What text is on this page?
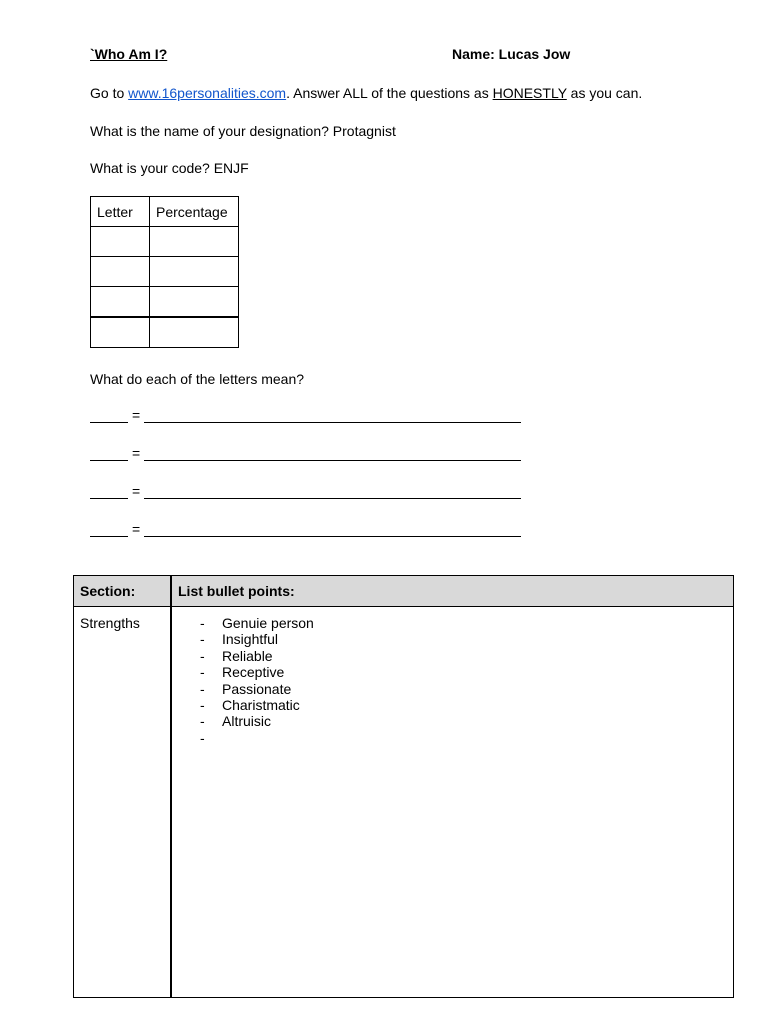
`Who Am I?	Name: Lucas Jow
Go to www.16personalities.com. Answer ALL of the questions as HONESTLY as you can.
What is the name of your designation? Protagnist
What is your code? ENJF
Letter	Percentage

What do each of the letters mean?
=
=
=
=
Section:	List bullet points:
Strengths	- Genuie person
- Insightful
- Reliable
- Receptive
- Passionate
- Charistmatic
- Altruisic
-
